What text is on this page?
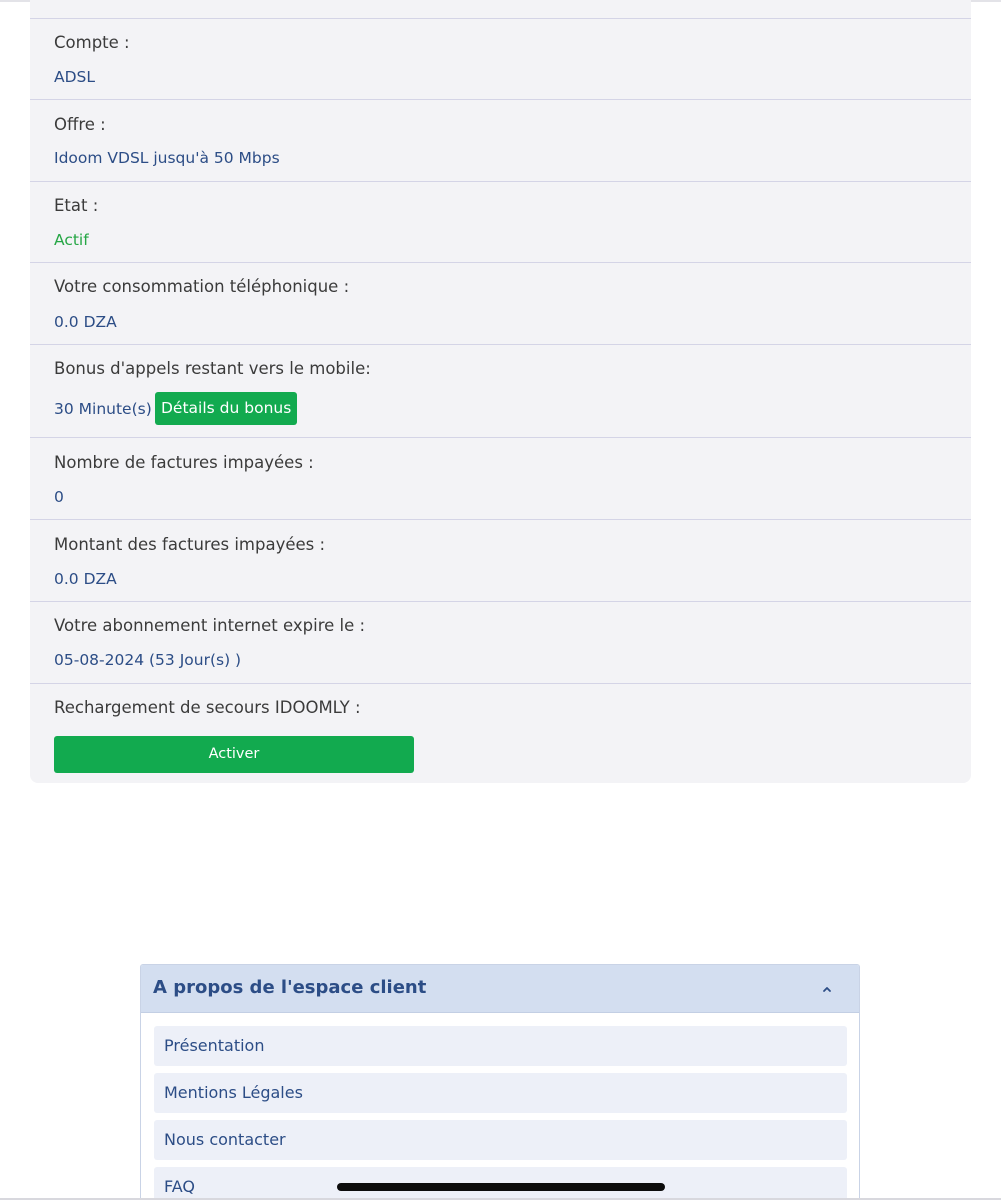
Compte :
ADSL
Offre :
Idoom VDSL jusqu'à 50 Mbps
Etat :
Actif
Votre consommation téléphonique :
0.0 DZA
Bonus d'appels restant vers le mobile:
30 Minute(s) Détails du bonus
Nombre de factures impayées :
0
Montant des factures impayées :
0.0 DZA
Votre abonnement internet expire le :
05-08-2024 (53 Jour(s) )
Rechargement de secours IDOOMLY :
Activer
A propos de l'espace client
Présentation
Mentions Légales
Nous contacter
FAQ
